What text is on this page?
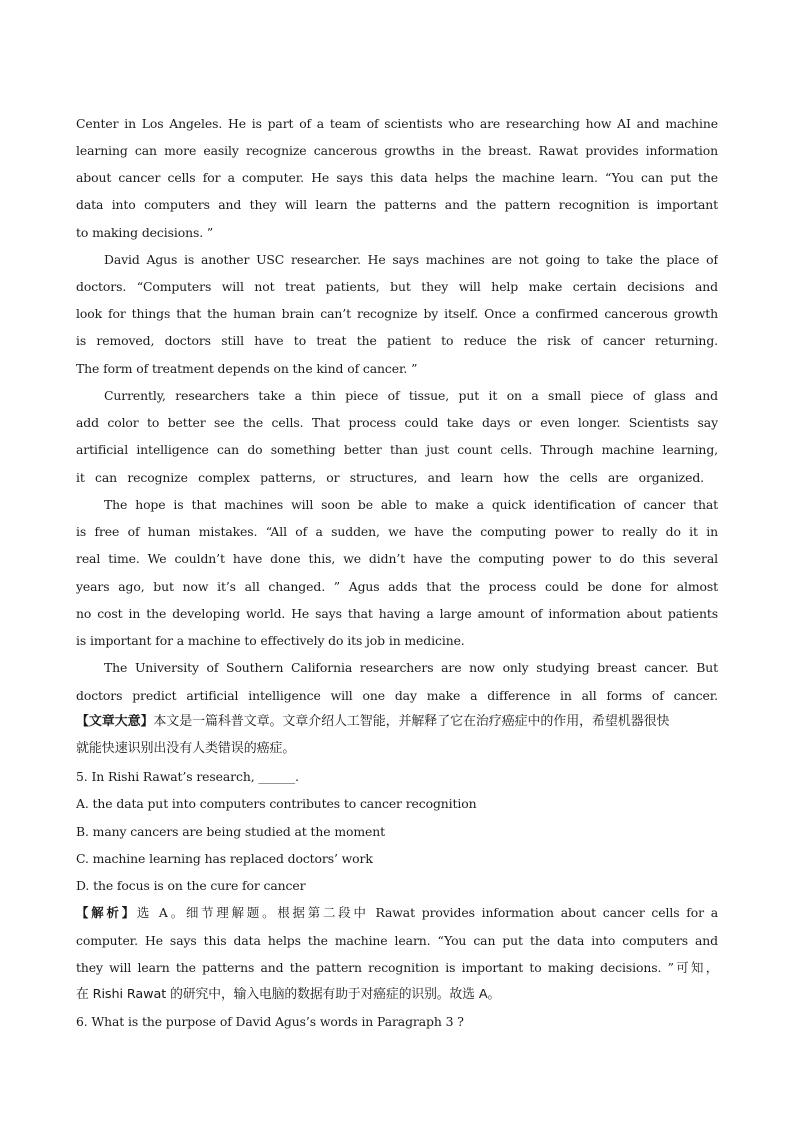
Center in Los Angeles. He is part of a team of scientists who are researching how AI and machine
learning can more easily recognize cancerous growths in the breast. Rawat provides information
about cancer cells for a computer. He says this data helps the machine learn. “You can put the
data into computers and they will learn the patterns and the pattern recognition is important
to making decisions. ”
David Agus is another USC researcher. He says machines are not going to take the place of
doctors. “Computers will not treat patients, but they will help make certain decisions and
look for things that the human brain can’t recognize by itself. Once a confirmed cancerous growth
is removed, doctors still have to treat the patient to reduce the risk of cancer returning.
The form of treatment depends on the kind of cancer. ”
Currently, researchers take a thin piece of tissue, put it on a small piece of glass and
add color to better see the cells. That process could take days or even longer. Scientists say
artificial intelligence can do something better than just count cells. Through machine learning,
it can recognize complex patterns, or structures, and learn how the cells are organized.
The hope is that machines will soon be able to make a quick identification of cancer that
is free of human mistakes. “All of a sudden, we have the computing power to really do it in
real time. We couldn’t have done this, we didn’t have the computing power to do this several
years ago, but now it’s all changed. ” Agus adds that the process could be done for almost
no cost in the developing world. He says that having a large amount of information about patients
is important for a machine to effectively do its job in medicine.
The University of Southern California researchers are now only studying breast cancer. But
doctors predict artificial intelligence will one day make a difference in all forms of cancer.
【文章大意】本文是一篇科普文章。文章介绍人工智能，并解释了它在治疗癌症中的作用，希望机器很快
就能快速识别出没有人类错误的癌症。
5. In Rishi Rawat’s research, ______.
A. the data put into computers contributes to cancer recognition
B. many cancers are being studied at the moment
C. machine learning has replaced doctors’ work
D. the focus is on the cure for cancer
【解析】选 A。细节理解题。根据第二段中 Rawat provides information about cancer cells for a
computer. He says this data helps the machine learn. “You can put the data into computers and
they will learn the patterns and the pattern recognition is important to making decisions. ”可知，
在 Rishi Rawat 的研究中，输入电脑的数据有助于对癌症的识别。故选 A。
6. What is the purpose of David Agus’s words in Paragraph 3 ?
